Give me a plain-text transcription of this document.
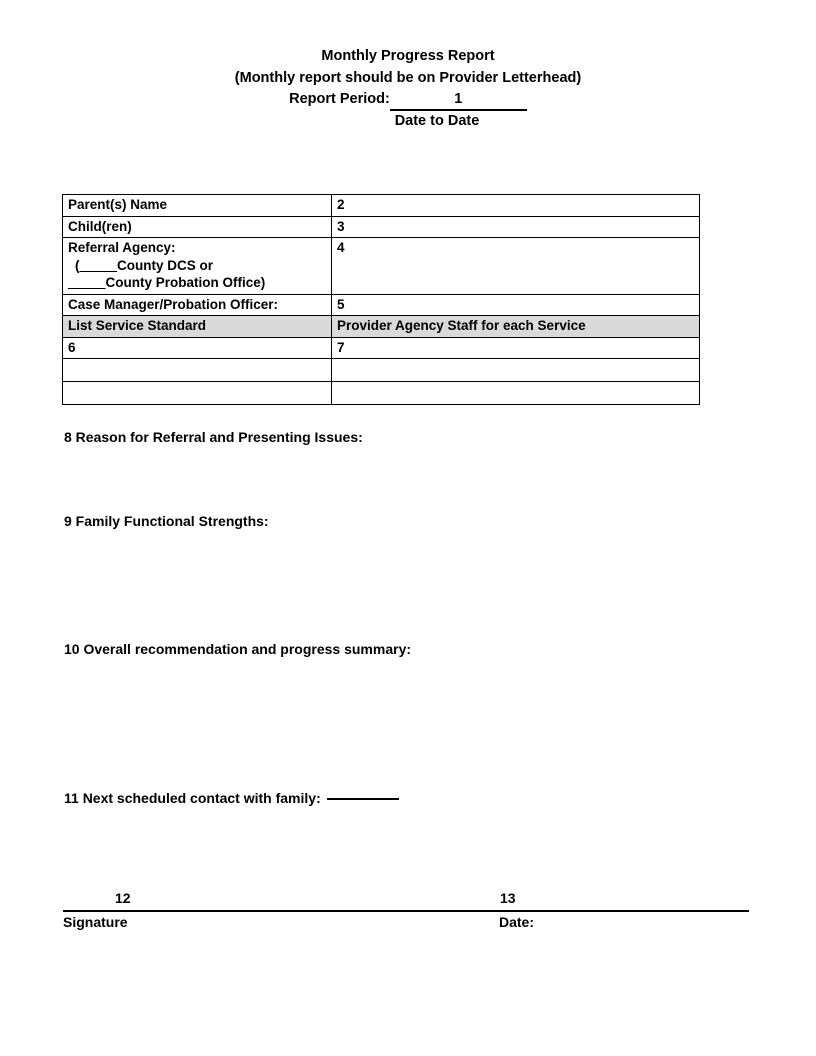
Monthly Progress Report
(Monthly report should be on Provider Letterhead)
Report Period:	1
Date to Date
Parent(s) Name	2
Child(ren)	3
Referral Agency:
(_____County DCS or
_____County Probation Office)	4
Case Manager/Probation Officer:	5
List Service Standard	Provider Agency Staff for each Service
6	7

8 Reason for Referral and Presenting Issues:
9 Family Functional Strengths:
10 Overall recommendation and progress summary:
11 Next scheduled contact with family:
12	13
Signature	Date:
